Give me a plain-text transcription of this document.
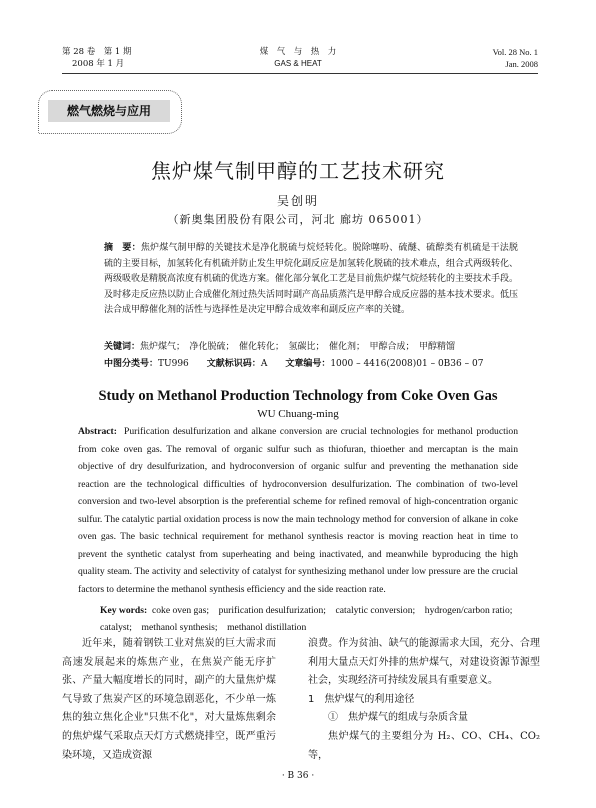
第 28 卷　第 1 期
2008 年 1 月
煤　气　与　热　力
GAS & HEAT
Vol. 28 No. 1
Jan. 2008
燃气燃烧与应用
焦炉煤气制甲醇的工艺技术研究
吴创明
（新奥集团股份有限公司，河北 廊坊 065001）
摘　要：焦炉煤气制甲醇的关键技术是净化脱硫与烷烃转化。脱除噻吩、硫醚、硫醇类有机硫是干法脱硫的主要目标，加氢转化有机硫并防止发生甲烷化副反应是加氢转化脱硫的技术难点，组合式两级转化、两级吸收是精脱高浓度有机硫的优选方案。催化部分氧化工艺是目前焦炉煤气烷烃转化的主要技术手段。及时移走反应热以防止合成催化剂过热失活同时副产高品质蒸汽是甲醇合成反应器的基本技术要求。低压法合成甲醇催化剂的活性与选择性是决定甲醇合成效率和副反应产率的关键。
关键词：焦炉煤气；　净化脱硫；　催化转化；　氢碳比；　催化剂；　甲醇合成；　甲醇精馏
中图分类号：TU996 文献标识码：A 文章编号：1000 – 4416(2008)01 – 0B36 – 07
Study on Methanol Production Technology from Coke Oven Gas
WU Chuang-ming
Abstract: Purification desulfurization and alkane conversion are crucial technologies for methanol production from coke oven gas. The removal of organic sulfur such as thiofuran, thioether and mercaptan is the main objective of dry desulfurization, and hydroconversion of organic sulfur and preventing the methanation side reaction are the technological difficulties of hydroconversion desulfurization. The combination of two-level conversion and two-level absorption is the preferential scheme for refined removal of high-concentration organic sulfur. The catalytic partial oxidation process is now the main technology method for conversion of alkane in coke oven gas. The basic technical requirement for methanol synthesis reactor is moving reaction heat in time to prevent the synthetic catalyst from superheating and being inactivated, and meanwhile byproducing the high quality steam. The activity and selectivity of catalyst for synthesizing methanol under low pressure are the crucial factors to determine the methanol synthesis efficiency and the side reaction rate.
Key words: coke oven gas;　purification desulfurization;　catalytic conversion;　hydrogen/carbon ratio;　catalyst;　methanol synthesis;　methanol distillation
近年来，随着钢铁工业对焦炭的巨大需求而高速发展起来的炼焦产业，在焦炭产能无序扩张、产量大幅度增长的同时，副产的大量焦炉煤气导致了焦炭产区的环境急剧恶化，不少单一炼焦的独立焦化企业"只焦不化"，对大量炼焦剩余的焦炉煤气采取点天灯方式燃烧排空，既严重污染环境，又造成资源
浪费。作为贫油、缺气的能源需求大国，充分、合理利用大量点天灯外排的焦炉煤气，对建设资源节源型社会，实现经济可持续发展具有重要意义。
1　焦炉煤气的利用途径
①　焦炉煤气的组成与杂质含量
焦炉煤气的主要组分为 H₂、CO、CH₄、CO₂ 等，
· B 36 ·
